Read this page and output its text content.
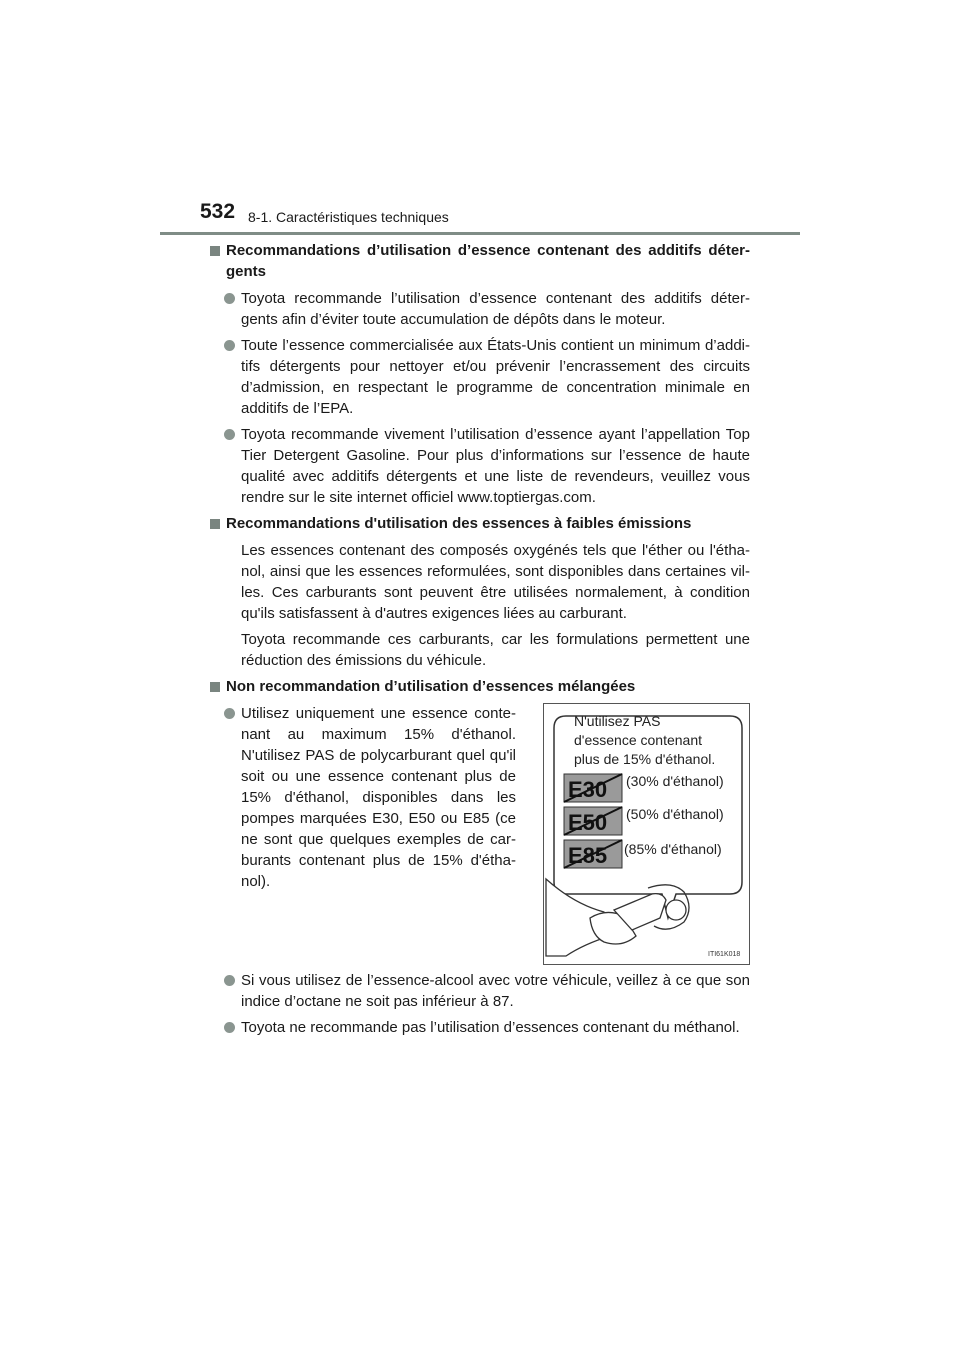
532 8-1. Caractéristiques techniques
Recommandations d’utilisation d’essence contenant des additifs déter-gents
Toyota recommande l’utilisation d’essence contenant des additifs déter-gents afin d’éviter toute accumulation de dépôts dans le moteur.
Toute l’essence commercialisée aux États-Unis contient un minimum d’addi-tifs détergents pour nettoyer et/ou prévenir l’encrassement des circuits d’admission, en respectant le programme de concentration minimale en additifs de l’EPA.
Toyota recommande vivement l’utilisation d’essence ayant l’appellation Top Tier Detergent Gasoline. Pour plus d’informations sur l’essence de haute qualité avec additifs détergents et une liste de revendeurs, veuillez vous rendre sur le site internet officiel www.toptiergas.com.
Recommandations d'utilisation des essences à faibles émissions
Les essences contenant des composés oxygénés tels que l'éther ou l'étha-nol, ainsi que les essences reformulées, sont disponibles dans certaines vil-les. Ces carburants sont peuvent être utilisées normalement, à condition qu'ils satisfassent à d'autres exigences liées au carburant.
Toyota recommande ces carburants, car les formulations permettent une réduction des émissions du véhicule.
Non recommandation d’utilisation d’essences mélangées
Utilisez uniquement une essence conte-nant au maximum 15% d'éthanol. N'utilisez PAS de polycarburant quel qu'il soit ou une essence contenant plus de 15% d'éthanol, disponibles dans les pompes marquées E30, E50 ou E85 (ce ne sont que quelques exemples de car-burants contenant plus de 15% d'étha-nol).
N'utilisez PAS
d'essence contenant
plus de 15% d'éthanol.
E30 (30% d'éthanol)
E50 (50% d'éthanol)
E85 (85% d'éthanol)
ITI61K018
Si vous utilisez de l’essence-alcool avec votre véhicule, veillez à ce que son indice d’octane ne soit pas inférieur à 87.
Toyota ne recommande pas l’utilisation d’essences contenant du méthanol.
